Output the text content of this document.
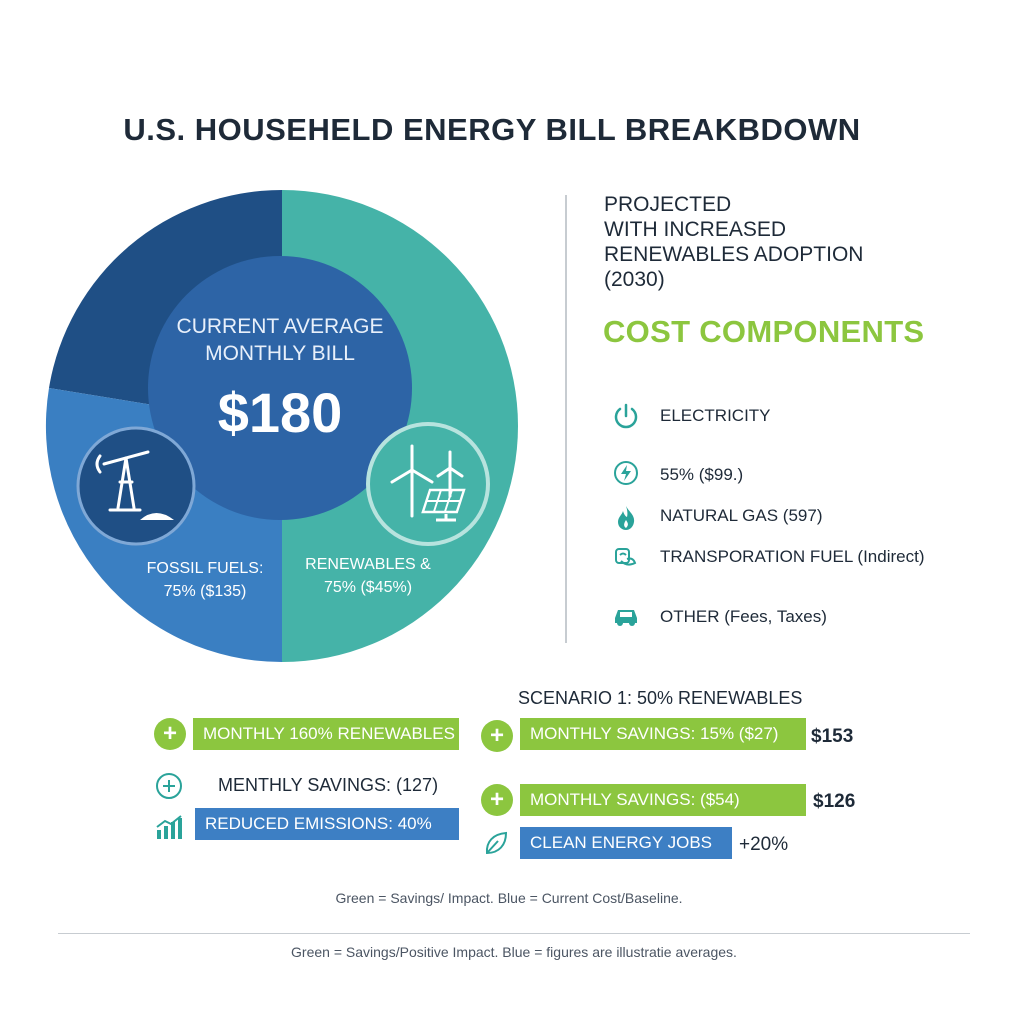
U.S. HOUSEHELD ENERGY BILL BREAKBDOWN
CURRENT AVERAGE MONTHLY BILL
$180
FOSSIL FUELS:
75% ($135)
RENEWABLES &
75% ($45%)
PROJECTED
WITH INCREASED
RENEWABLES ADOPTION
(2030)
COST COMPONENTS
ELECTRICITY
55% ($99.)
NATURAL GAS (597)
TRANSPORATION FUEL (Indirect)
OTHER (Fees, Taxes)
SCENARIO 1: 50% RENEWABLES
+	MONTHLY 160% RENEWABLES
MENTHLY SAVINGS: (127)
REDUCED EMISSIONS: 40%
+	MONTHLY SAVINGS: 15% ($27)	$153
+	MONTHLY SAVINGS: ($54)	$126
CLEAN ENERGY JOBS	+20%
Green = Savings/ Impact. Blue = Current Cost/Baseline.
Green = Savings/Positive Impact. Blue = figures are illustratie averages.
